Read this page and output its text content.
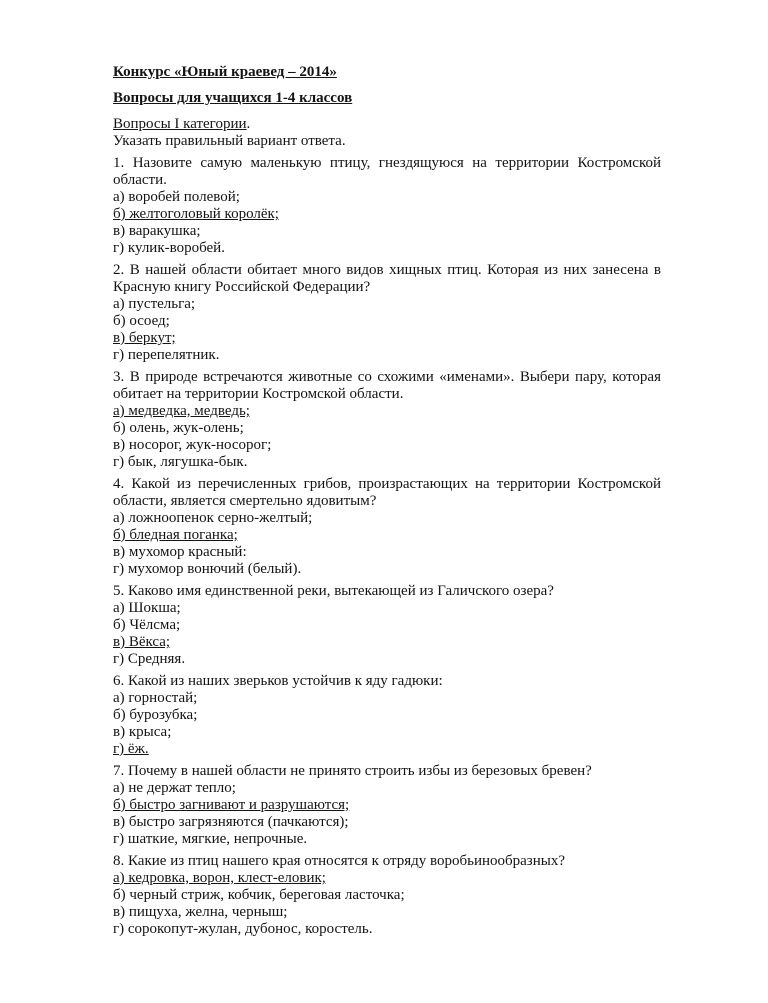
Конкурс «Юный краевед – 2014»
Вопросы для учащихся 1-4 классов

Вопросы I категории.

Указать правильный вариант ответа.

1. Назовите самую маленькую птицу, гнездящуюся на территории Костромской области.

а) воробей полевой;

б) желтоголовый королёк;

в) варакушка;

г) кулик-воробей.

2. В нашей области обитает много видов хищных птиц. Которая из них занесена в Красную книгу Российской Федерации?

а) пустельга;

б) осоед;

в) беркут;

г) перепелятник.

3. В природе встречаются животные со схожими «именами». Выбери пару, которая обитает на территории Костромской области.

а) медведка, медведь;

б) олень, жук-олень;

в) носорог, жук-носорог;

г) бык, лягушка-бык.

4. Какой из перечисленных грибов, произрастающих на территории Костромской области, является смертельно ядовитым?

а) ложноопенок серно-желтый;

б) бледная поганка;

в) мухомор красный:

г) мухомор вонючий (белый).

5. Каково имя единственной реки, вытекающей из Галичского озера?

а) Шокша;

б) Чёлсма;

в) Вёкса;

г) Средняя.

6. Какой из наших зверьков устойчив к яду гадюки:

а) горностай;

б) бурозубка;

в) крыса;

г) ёж.

7. Почему в нашей области не принято строить избы из березовых бревен?

а) не держат тепло;

б) быстро загнивают и разрушаются;

в) быстро загрязняются (пачкаются);

г) шаткие, мягкие, непрочные.

8. Какие из птиц нашего края относятся к отряду воробьинообразных?

а) кедровка, ворон, клест-еловик;

б) черный стриж, кобчик, береговая ласточка;

в) пищуха, желна, черныш;

г) сорокопут-жулан, дубонос, коростель.
